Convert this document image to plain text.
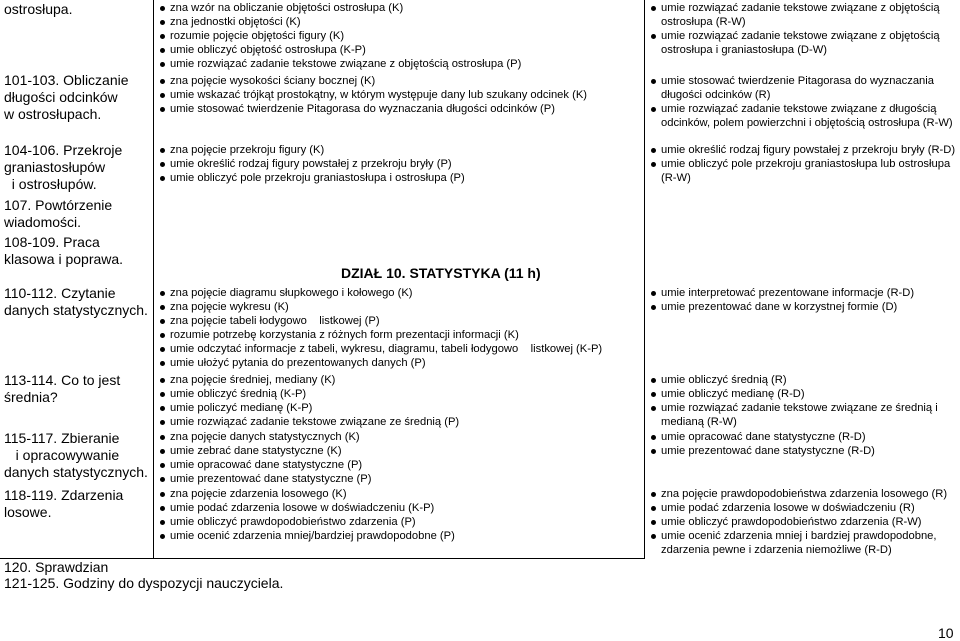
ostrosłupa.
101-103. Obliczanie
długości odcinków
w ostrosłupach.
104-106. Przekroje
graniastosłupów
i ostrosłupów.
107. Powtórzenie
wiadomości.
108-109. Praca
klasowa i poprawa.
110-112. Czytanie
danych statystycznych.
113-114. Co to jest
średnia?
115-117. Zbieranie
i opracowywanie
danych statystycznych.
118-119. Zdarzenia
losowe.
zna wzór na obliczanie objętości ostrosłupa (K)
zna jednostki objętości (K)
rozumie pojęcie objętości figury (K)
umie obliczyć objętość ostrosłupa (K-P)
umie rozwiązać zadanie tekstowe związane z objętością ostrosłupa (P)
zna pojęcie wysokości ściany bocznej (K)
umie wskazać trójkąt prostokątny, w którym występuje dany lub szukany odcinek (K)
umie stosować twierdzenie Pitagorasa do wyznaczania długości odcinków (P)
zna pojęcie przekroju figury (K)
umie określić rodzaj figury powstałej z przekroju bryły (P)
umie obliczyć pole przekroju graniastosłupa i ostrosłupa (P)
DZIAŁ 10. STATYSTYKA (11 h)
zna pojęcie diagramu słupkowego i kołowego (K)
zna pojęcie wykresu (K)
zna pojęcie tabeli łodygowo    listkowej (P)
rozumie potrzebę korzystania z różnych form prezentacji informacji (K)
umie odczytać informacje z tabeli, wykresu, diagramu, tabeli łodygowo    listkowej (K-P)
umie ułożyć pytania do prezentowanych danych (P)
zna pojęcie średniej, mediany (K)
umie obliczyć średnią (K-P)
umie policzyć medianę (K-P)
umie rozwiązać zadanie tekstowe związane ze średnią (P)
zna pojęcie danych statystycznych (K)
umie zebrać dane statystyczne (K)
umie opracować dane statystyczne (P)
umie prezentować dane statystyczne (P)
zna pojęcie zdarzenia losowego (K)
umie podać zdarzenia losowe w doświadczeniu (K-P)
umie obliczyć prawdopodobieństwo zdarzenia (P)
umie ocenić zdarzenia mniej/bardziej prawdopodobne (P)
umie rozwiązać zadanie tekstowe związane z objętością ostrosłupa (R-W)
umie rozwiązać zadanie tekstowe związane z objętością ostrosłupa i graniastosłupa (D-W)
umie stosować twierdzenie Pitagorasa do wyznaczania długości odcinków (R)
umie rozwiązać zadanie tekstowe związane z długością odcinków, polem powierzchni i objętością ostrosłupa (R-W)
umie określić rodzaj figury powstałej z przekroju bryły (R-D)
umie obliczyć pole przekroju graniastosłupa lub ostrosłupa (R-W)
umie interpretować prezentowane informacje (R-D)
umie prezentować dane w korzystnej formie (D)
umie obliczyć średnią (R)
umie obliczyć medianę (R-D)
umie rozwiązać zadanie tekstowe związane ze średnią i medianą (R-W)
umie opracować dane statystyczne (R-D)
umie prezentować dane statystyczne (R-D)
zna pojęcie prawdopodobieństwa zdarzenia losowego (R)
umie podać zdarzenia losowe w doświadczeniu (R)
umie obliczyć prawdopodobieństwo zdarzenia (R-W)
umie ocenić zdarzenia mniej i bardziej prawdopodobne, zdarzenia pewne i zdarzenia niemożliwe (R-D)
120. Sprawdzian
121-125. Godziny do dyspozycji nauczyciela.
10
